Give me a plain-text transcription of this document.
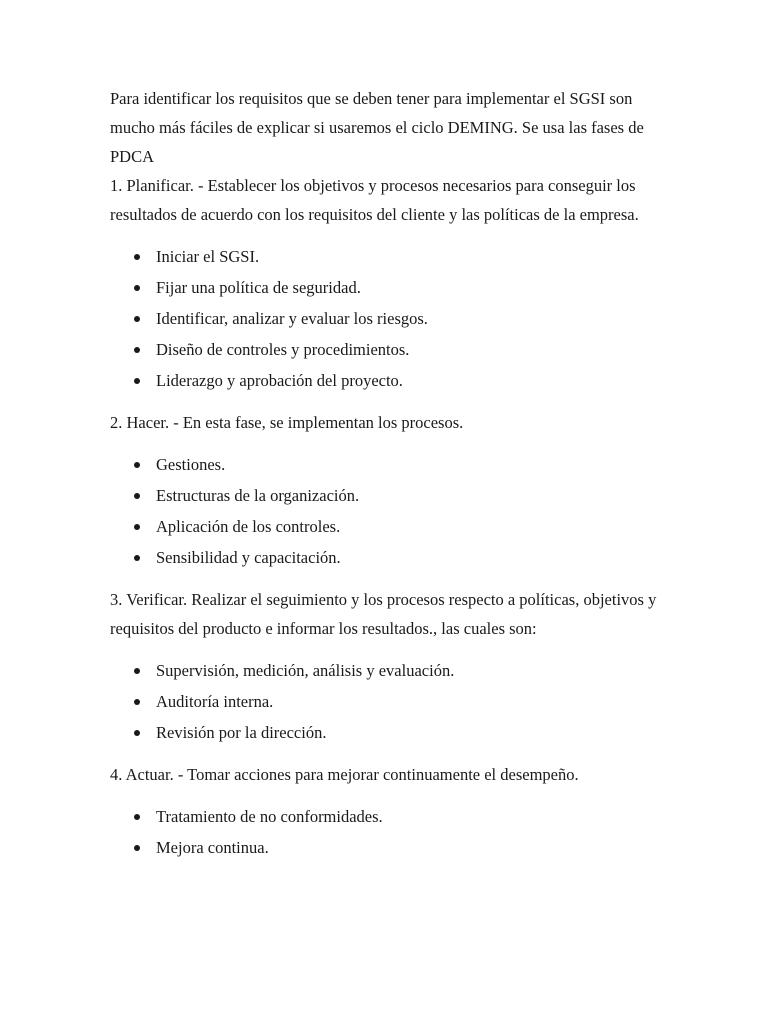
Para identificar los requisitos que se deben tener para implementar el SGSI son mucho más fáciles de explicar si usaremos el ciclo DEMING. Se usa las fases de PDCA

1. Planificar. - Establecer los objetivos y procesos necesarios para conseguir los resultados de acuerdo con los requisitos del cliente y las políticas de la empresa.

Iniciar el SGSI.
Fijar una política de seguridad.
Identificar, analizar y evaluar los riesgos.
Diseño de controles y procedimientos.
Liderazgo y aprobación del proyecto.

2. Hacer. - En esta fase, se implementan los procesos.

Gestiones.
Estructuras de la organización.
Aplicación de los controles.
Sensibilidad y capacitación.

3. Verificar. Realizar el seguimiento y los procesos respecto a políticas, objetivos y requisitos del producto e informar los resultados., las cuales son:

Supervisión, medición, análisis y evaluación.
Auditoría interna.
Revisión por la dirección.

4. Actuar. - Tomar acciones para mejorar continuamente el desempeño.

Tratamiento de no conformidades.
Mejora continua.
